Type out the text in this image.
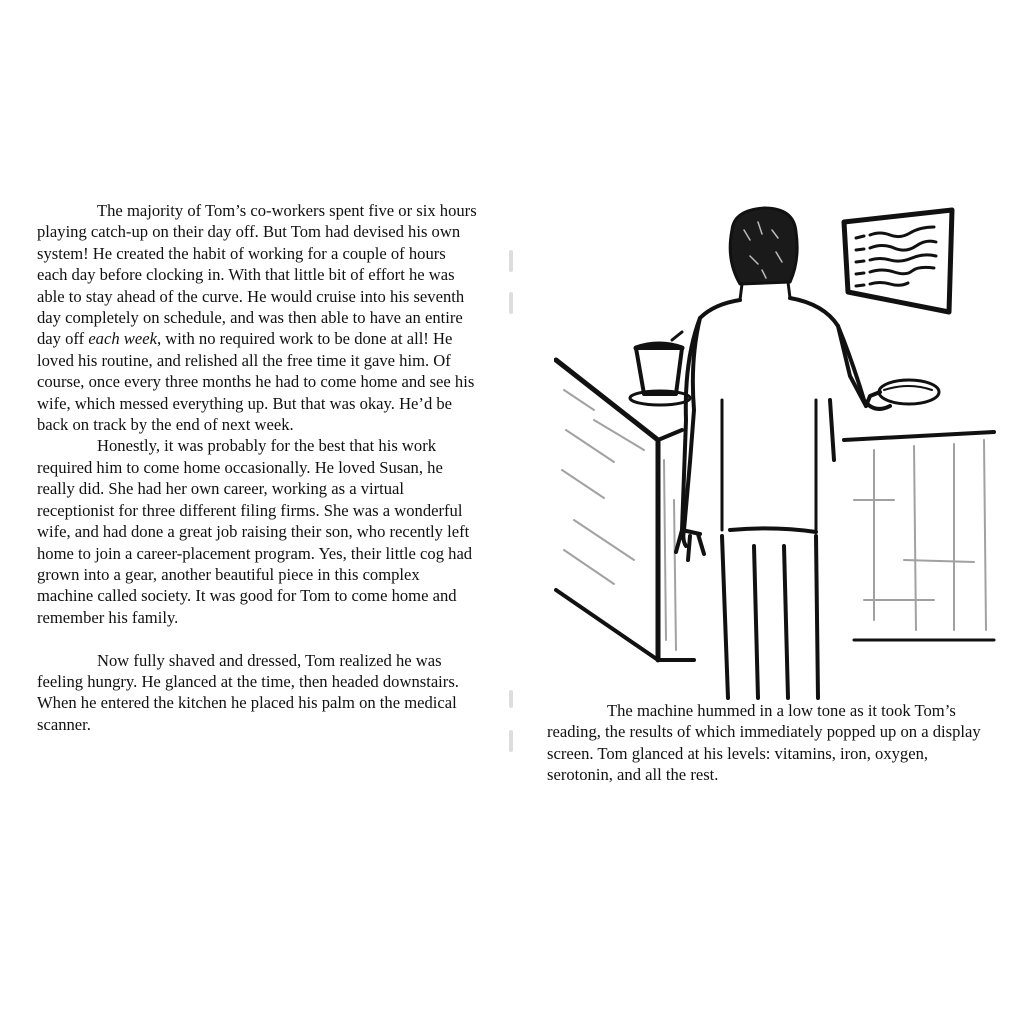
The majority of Tom’s co-workers spent five or six hours playing catch-up on their day off. But Tom had devised his own system! He created the habit of working for a couple of hours each day before clocking in. With that little bit of effort he was able to stay ahead of the curve. He would cruise into his seventh day completely on schedule, and was then able to have an entire day off each week, with no required work to be done at all! He loved his routine, and relished all the free time it gave him. Of course, once every three months he had to come home and see his wife, which messed everything up. But that was okay. He’d be back on track by the end of next week.

Honestly, it was probably for the best that his work required him to come home occasionally. He loved Susan, he really did. She had her own career, working as a virtual receptionist for three different filing firms. She was a wonderful wife, and had done a great job raising their son, who recently left home to join a career-placement program. Yes, their little cog had grown into a gear, another beautiful piece in this complex machine called society. It was good for Tom to come home and remember his family.

Now fully shaved and dressed, Tom realized he was feeling hungry. He glanced at the time, then headed downstairs. When he entered the kitchen he placed his palm on the medical scanner.

The machine hummed in a low tone as it took Tom’s reading, the results of which immediately popped up on a display screen. Tom glanced at his levels: vitamins, iron, oxygen, serotonin, and all the rest.
